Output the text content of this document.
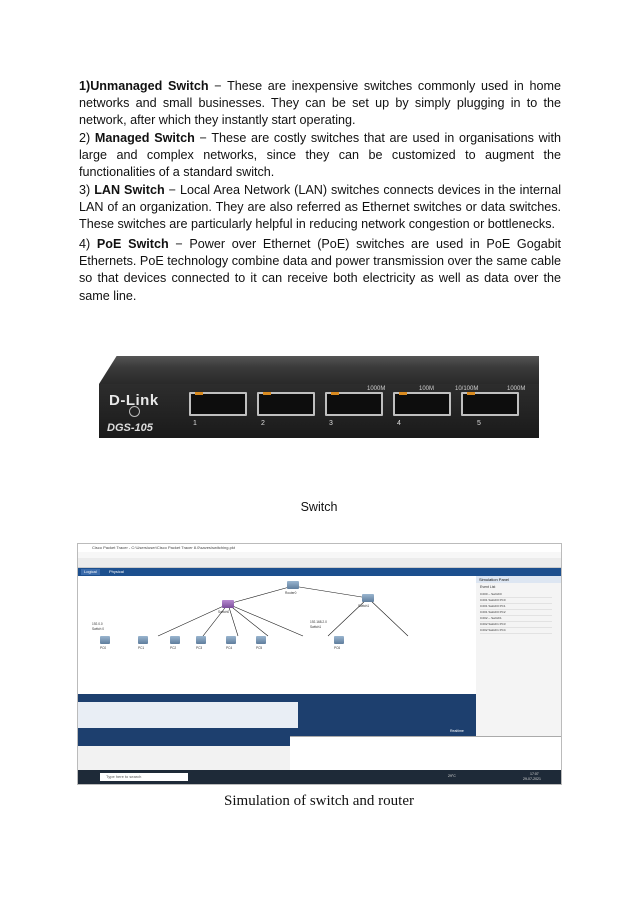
1)Unmanaged Switch − These are inexpensive switches commonly used in home networks and small businesses. They can be set up by simply plugging in to the network, after which they instantly start operating.

2) Managed Switch − These are costly switches that are used in organisations with large and complex networks, since they can be customized to augment the functionalities of a standard switch.

3) LAN Switch − Local Area Network (LAN) switches connects devices in the internal LAN of an organization. They are also referred as Ethernet switches or data switches. These switches are particularly helpful in reducing network congestion or bottlenecks.

4) PoE Switch − Power over Ethernet (PoE) switches are used in PoE Gogabit Ethernets. PoE technology combine data and power transmission over the same cable so that devices connected to it can receive both electricity as well as data over the same line.

D-Link
DGS-105	1	2	3	4	5
1000M	100M	10/100M	1000M
Switch
Cisco Packet Tracer - C:\Users\user\Cisco Packet Tracer 8.0\saves\switching.pkt
Logical	Physical
PC0	PC1	PC2	PC3	PC4	PC5	PC6
Switch0
Switch1
Router0
192.0.0
Switch 0
192.168.2.0
Switch1
Simulation Panel
Event List
0.000 -- Switch0
0.001 Switch0 PC0
0.001 Switch0 PC1
0.001 Switch0 PC2
0.002 -- Switch1
0.002 Switch1 PC3
0.002 Switch1 PC4
Realtime
29°C	17:07
29-07-2021
Type here to search
Simulation of switch and router
